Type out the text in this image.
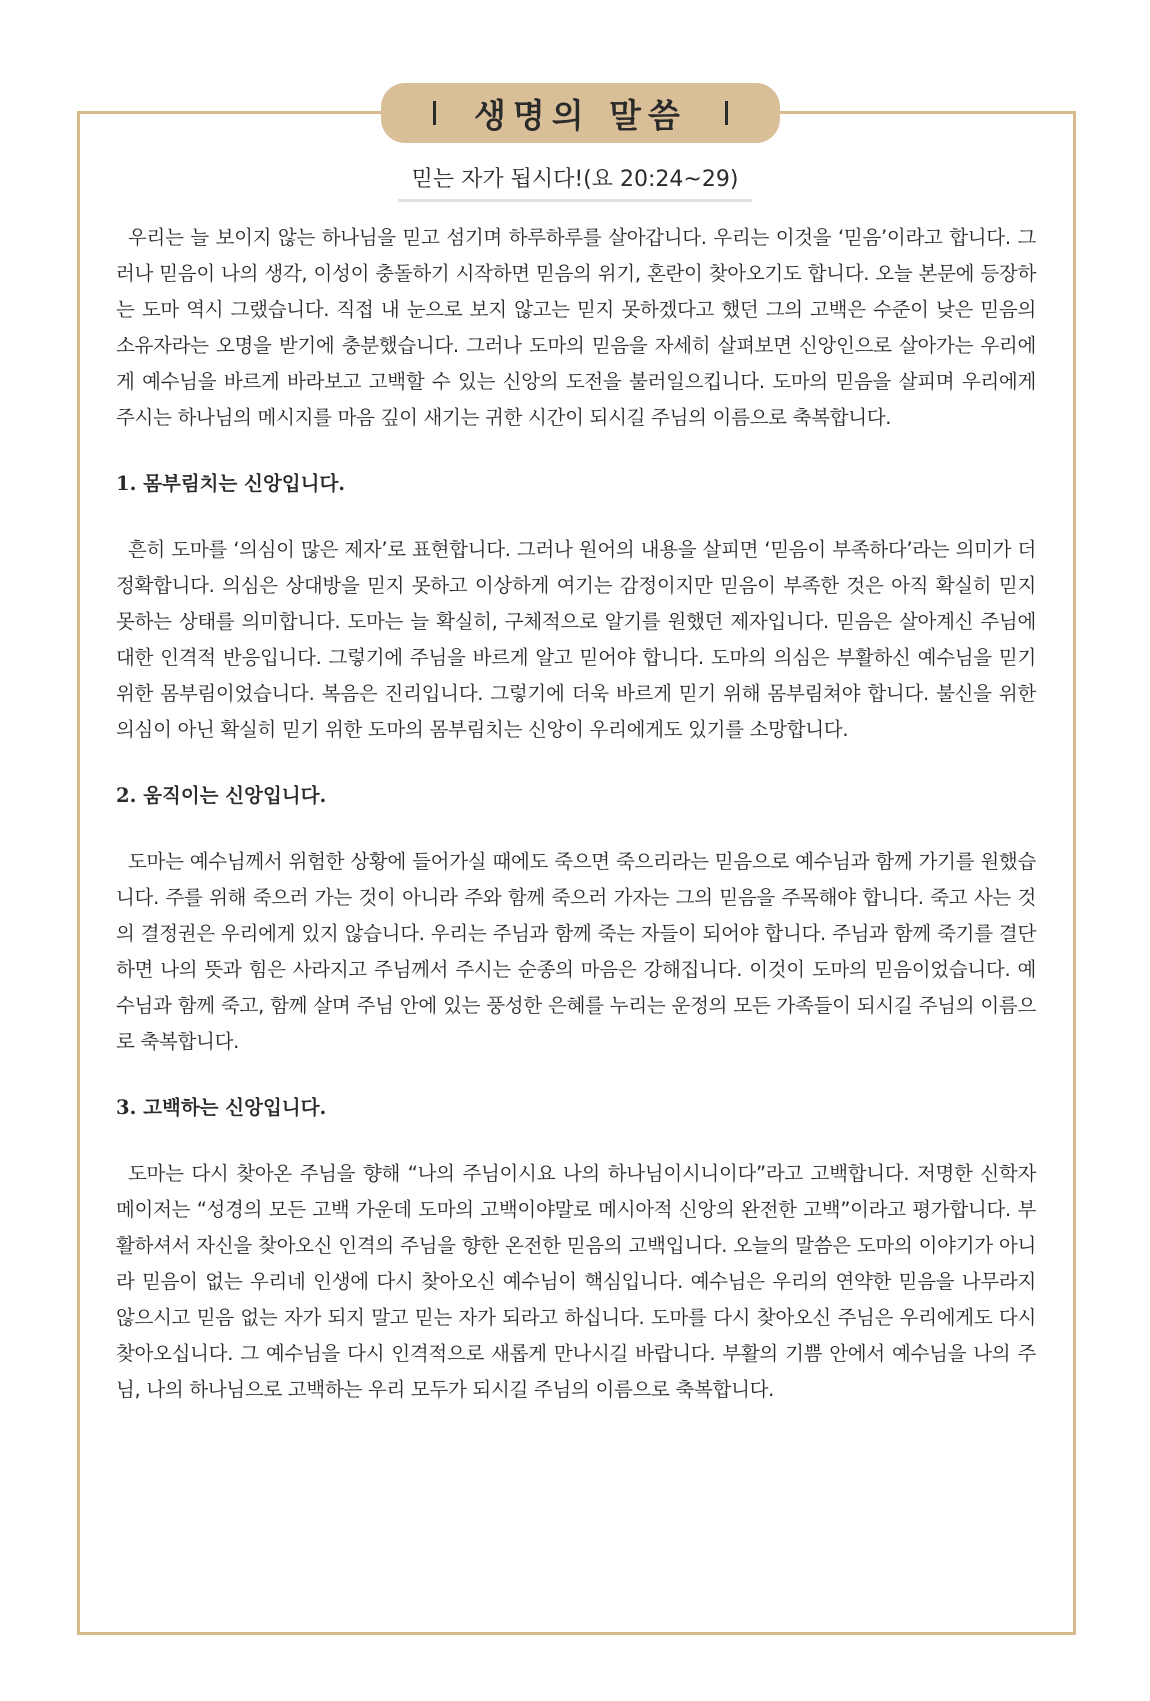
생명의 말씀
믿는 자가 됩시다!(요 20:24~29)

우리는 늘 보이지 않는 하나님을 믿고 섬기며 하루하루를 살아갑니다. 우리는 이것을 ‘믿음’이라고 합니다. 그러나 믿음이 나의 생각, 이성이 충돌하기 시작하면 믿음의 위기, 혼란이 찾아오기도 합니다. 오늘 본문에 등장하는 도마 역시 그랬습니다. 직접 내 눈으로 보지 않고는 믿지 못하겠다고 했던 그의 고백은 수준이 낮은 믿음의 소유자라는 오명을 받기에 충분했습니다. 그러나 도마의 믿음을 자세히 살펴보면 신앙인으로 살아가는 우리에게 예수님을 바르게 바라보고 고백할 수 있는 신앙의 도전을 불러일으킵니다. 도마의 믿음을 살피며 우리에게 주시는 하나님의 메시지를 마음 깊이 새기는 귀한 시간이 되시길 주님의 이름으로 축복합니다.

1. 몸부림치는 신앙입니다.

흔히 도마를 ‘의심이 많은 제자’로 표현합니다. 그러나 원어의 내용을 살피면 ‘믿음이 부족하다’라는 의미가 더 정확합니다. 의심은 상대방을 믿지 못하고 이상하게 여기는 감정이지만 믿음이 부족한 것은 아직 확실히 믿지 못하는 상태를 의미합니다. 도마는 늘 확실히, 구체적으로 알기를 원했던 제자입니다. 믿음은 살아계신 주님에 대한 인격적 반응입니다. 그렇기에 주님을 바르게 알고 믿어야 합니다. 도마의 의심은 부활하신 예수님을 믿기 위한 몸부림이었습니다. 복음은 진리입니다. 그렇기에 더욱 바르게 믿기 위해 몸부림쳐야 합니다. 불신을 위한 의심이 아닌 확실히 믿기 위한 도마의 몸부림치는 신앙이 우리에게도 있기를 소망합니다.

2. 움직이는 신앙입니다.

도마는 예수님께서 위험한 상황에 들어가실 때에도 죽으면 죽으리라는 믿음으로 예수님과 함께 가기를 원했습니다. 주를 위해 죽으러 가는 것이 아니라 주와 함께 죽으러 가자는 그의 믿음을 주목해야 합니다. 죽고 사는 것의 결정권은 우리에게 있지 않습니다. 우리는 주님과 함께 죽는 자들이 되어야 합니다. 주님과 함께 죽기를 결단하면 나의 뜻과 힘은 사라지고 주님께서 주시는 순종의 마음은 강해집니다. 이것이 도마의 믿음이었습니다. 예수님과 함께 죽고, 함께 살며 주님 안에 있는 풍성한 은혜를 누리는 운정의 모든 가족들이 되시길 주님의 이름으로 축복합니다.

3. 고백하는 신앙입니다.

도마는 다시 찾아온 주님을 향해 “나의 주님이시요 나의 하나님이시니이다”라고 고백합니다. 저명한 신학자 메이저는 “성경의 모든 고백 가운데 도마의 고백이야말로 메시아적 신앙의 완전한 고백”이라고 평가합니다. 부활하셔서 자신을 찾아오신 인격의 주님을 향한 온전한 믿음의 고백입니다. 오늘의 말씀은 도마의 이야기가 아니라 믿음이 없는 우리네 인생에 다시 찾아오신 예수님이 핵심입니다. 예수님은 우리의 연약한 믿음을 나무라지 않으시고 믿음 없는 자가 되지 말고 믿는 자가 되라고 하십니다. 도마를 다시 찾아오신 주님은 우리에게도 다시 찾아오십니다. 그 예수님을 다시 인격적으로 새롭게 만나시길 바랍니다. 부활의 기쁨 안에서 예수님을 나의 주님, 나의 하나님으로 고백하는 우리 모두가 되시길 주님의 이름으로 축복합니다.
